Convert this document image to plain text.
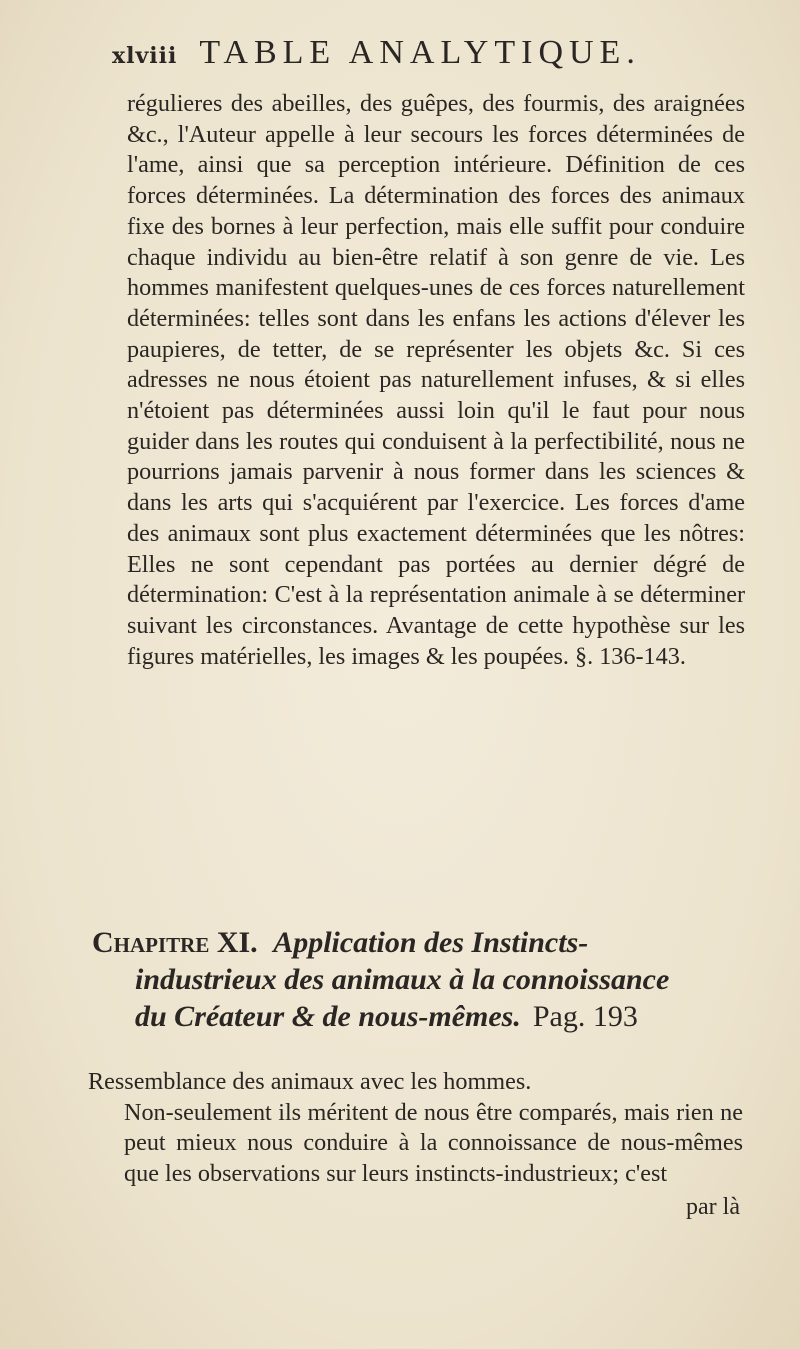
xlviii TABLE ANALYTIQUE.
régulieres des abeilles, des guêpes, des fourmis, des araignées &c., l'Auteur appelle à leur secours les forces déterminées de l'ame, ainsi que sa perception intérieure. Définition de ces forces déterminées. La détermination des forces des animaux fixe des bornes à leur perfection, mais elle suffit pour conduire chaque individu au bien-être relatif à son genre de vie. Les hommes manifestent quelques-unes de ces forces naturellement déterminées: telles sont dans les enfans les actions d'élever les paupieres, de tetter, de se représenter les objets &c. Si ces adresses ne nous étoient pas naturellement infuses, & si elles n'étoient pas déterminées aussi loin qu'il le faut pour nous guider dans les routes qui conduisent à la perfectibilité, nous ne pourrions jamais parvenir à nous former dans les sciences & dans les arts qui s'acquiérent par l'exercice. Les forces d'ame des animaux sont plus exactement déterminées que les nôtres: Elles ne sont cependant pas portées au dernier dégré de détermination: C'est à la représentation animale à se déterminer suivant les circonstances. Avantage de cette hypothèse sur les figures matérielles, les images & les poupées. §. 136-143.
Chapitre XI. Application des Instincts-
industrieux des animaux à la connoissance
du Créateur & de nous-mêmes. Pag. 193
Ressemblance des animaux avec les hommes.
Non-seulement ils méritent de nous être comparés, mais rien ne peut mieux nous conduire à la connoissance de nous-mêmes que les observations sur leurs instincts-industrieux; c'est
par là
